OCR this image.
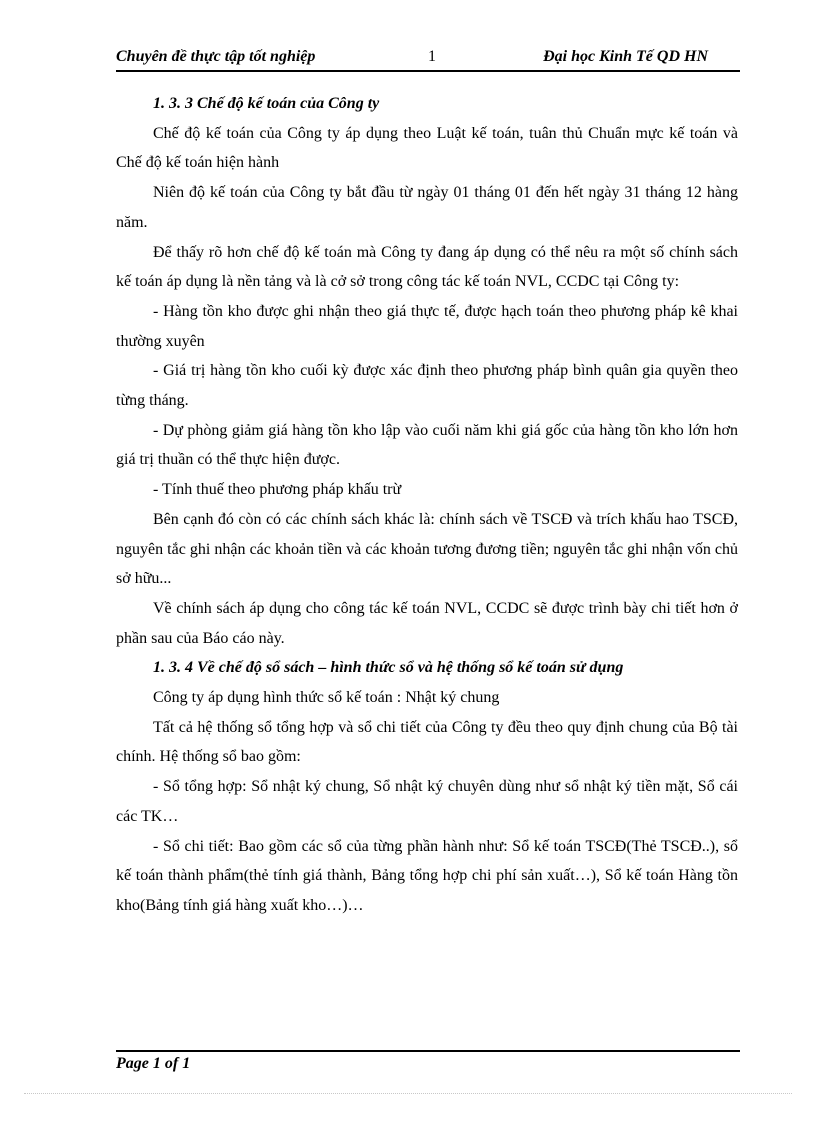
Chuyên đề thực tập tốt nghiệp	1	Đại học Kinh Tế QD HN

1. 3. 3 Chế độ kế toán của Công ty

Chế độ kế toán của Công ty áp dụng theo Luật kế toán, tuân thủ Chuẩn mực kế toán và Chế độ kế toán hiện hành

Niên độ kế toán của Công ty bắt đầu từ ngày 01 tháng 01 đến hết ngày 31 tháng 12 hàng năm.

Để thấy rõ hơn chế độ kế toán mà Công ty đang áp dụng có thể nêu ra một số chính sách kế toán áp dụng là nền tảng và là cở sở trong công tác kế toán NVL, CCDC tại Công ty:

- Hàng tồn kho được ghi nhận theo giá thực tế, được hạch toán theo phương pháp kê khai thường xuyên

- Giá trị hàng tồn kho cuối kỳ được xác định theo phương pháp bình quân gia quyền theo từng tháng.

- Dự phòng giảm giá hàng tồn kho lập vào cuối năm khi giá gốc của hàng tồn kho lớn hơn giá trị thuần có thể thực hiện được.

- Tính thuế theo phương pháp khấu trừ

Bên cạnh đó còn có các chính sách khác là: chính sách về TSCĐ và trích khấu hao TSCĐ, nguyên tắc ghi nhận các khoản tiền và các khoản tương đương tiền; nguyên tắc ghi nhận vốn chủ sở hữu...

Về chính sách áp dụng cho công tác kế toán NVL, CCDC sẽ được trình bày chi tiết hơn ở phần sau của Báo cáo này.

1. 3. 4 Về chế độ sổ sách – hình thức sổ và hệ thống sổ kế toán sử dụng

Công ty áp dụng hình thức sổ kế toán : Nhật ký chung

Tất cả hệ thống sổ tổng hợp và sổ chi tiết của Công ty đều theo quy định chung của Bộ tài chính. Hệ thống sổ bao gồm:

- Sổ tổng hợp: Sổ nhật ký chung, Sổ nhật ký chuyên dùng như sổ nhật ký tiền mặt, Sổ cái các TK…

- Sổ chi tiết: Bao gồm các sổ của từng phần hành như: Sổ kế toán TSCĐ(Thẻ TSCĐ..), sổ kế toán thành phẩm(thẻ tính giá thành, Bảng tổng hợp chi phí sản xuất…), Sổ kế toán Hàng tồn kho(Bảng tính giá hàng xuất kho…)…

Page 1 of 1
